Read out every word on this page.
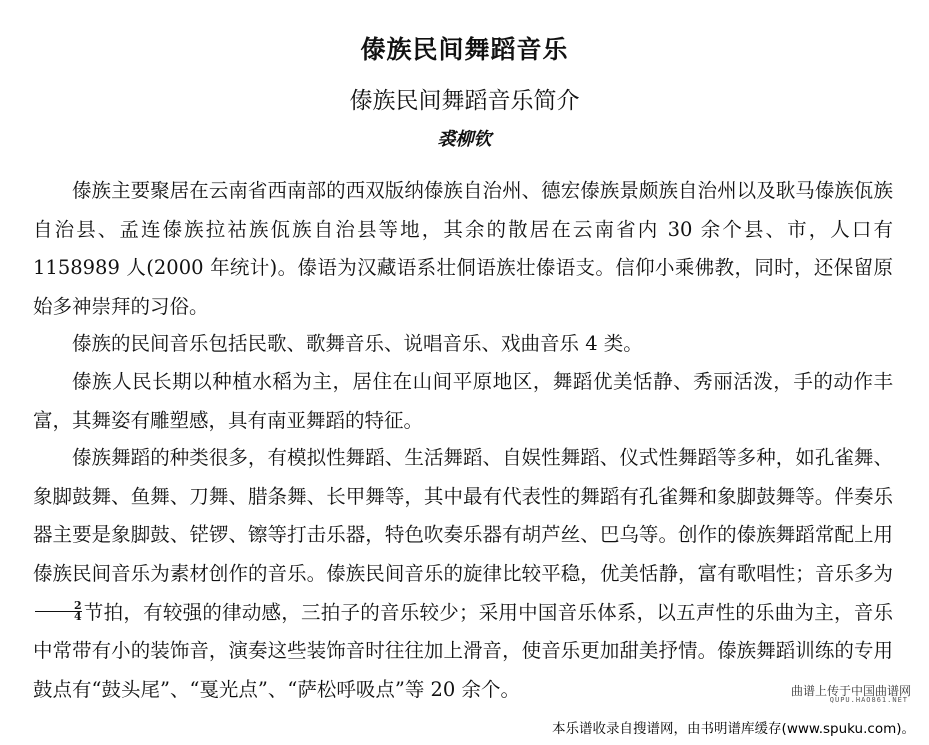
傣族民间舞蹈音乐
傣族民间舞蹈音乐简介
裘柳钦

傣族主要聚居在云南省西南部的西双版纳傣族自治州、德宏傣族景颇族自治州以及耿马傣族佤族自治县、孟连傣族拉祜族佤族自治县等地，其余的散居在云南省内 30 余个县、市，人口有 1158989 人(2000 年统计)。傣语为汉藏语系壮侗语族壮傣语支。信仰小乘佛教，同时，还保留原始多神崇拜的习俗。

傣族的民间音乐包括民歌、歌舞音乐、说唱音乐、戏曲音乐 4 类。

傣族人民长期以种植水稻为主，居住在山间平原地区，舞蹈优美恬静、秀丽活泼，手的动作丰富，其舞姿有雕塑感，具有南亚舞蹈的特征。

傣族舞蹈的种类很多，有模拟性舞蹈、生活舞蹈、自娱性舞蹈、仪式性舞蹈等多种，如孔雀舞、象脚鼓舞、鱼舞、刀舞、腊条舞、长甲舞等，其中最有代表性的舞蹈有孔雀舞和象脚鼓舞等。伴奏乐器主要是象脚鼓、铓锣、镲等打击乐器，特色吹奏乐器有胡芦丝、巴乌等。创作的傣族舞蹈常配上用傣族民间音乐为素材创作的音乐。傣族民间音乐的旋律比较平稳，优美恬静，富有歌唱性；音乐多为
$\frac{2}{4}$ 节拍，有较强的律动感，三拍子的音乐较少；采用中国音乐体系，以五声性的乐曲为主，音乐中常带有小的装饰音，演奏这些装饰音时往往加上滑音，使音乐更加甜美抒情。傣族舞蹈训练的专用鼓点有“鼓头尾”、“戛光点”、“萨松呼吸点”等 20 余个。	曲谱上传于中国曲谱网
QUPU.HAO861.NET
本乐谱收录自搜谱网，由书明谱库缓存(www.spuku.com)。
